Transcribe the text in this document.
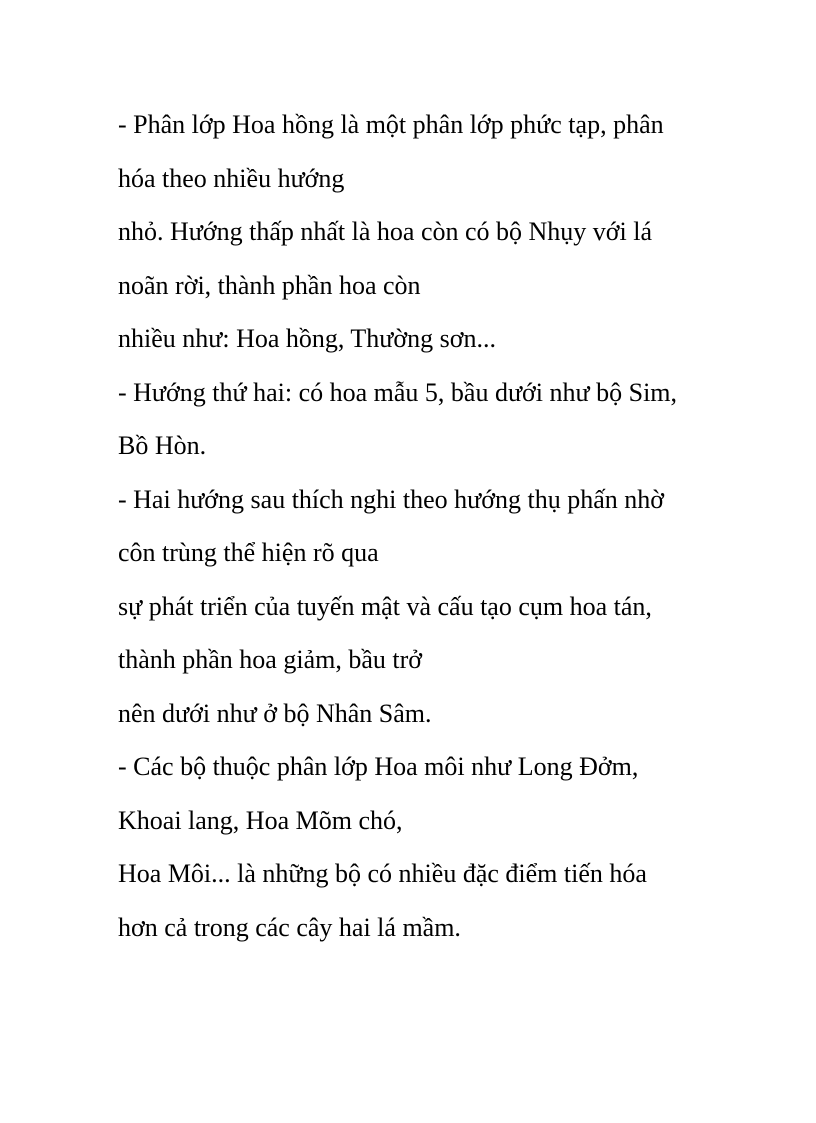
- Phân lớp Hoa hồng là một phân lớp phức tạp, phân
hóa theo nhiều hướng
nhỏ. Hướng thấp nhất là hoa còn có bộ Nhụy với lá
noãn rời, thành phần hoa còn
nhiều như: Hoa hồng, Thường sơn...
- Hướng thứ hai: có hoa mẫu 5, bầu dưới như bộ Sim,
Bồ Hòn.
- Hai hướng sau thích nghi theo hướng thụ phấn nhờ
côn trùng thể hiện rõ qua
sự phát triển của tuyến mật và cấu tạo cụm hoa tán,
thành phần hoa giảm, bầu trở
nên dưới như ở bộ Nhân Sâm.
- Các bộ thuộc phân lớp Hoa môi như Long Đởm,
Khoai lang, Hoa Mõm chó,
Hoa Môi... là những bộ có nhiều đặc điểm tiến hóa
hơn cả trong các cây hai lá mầm.
